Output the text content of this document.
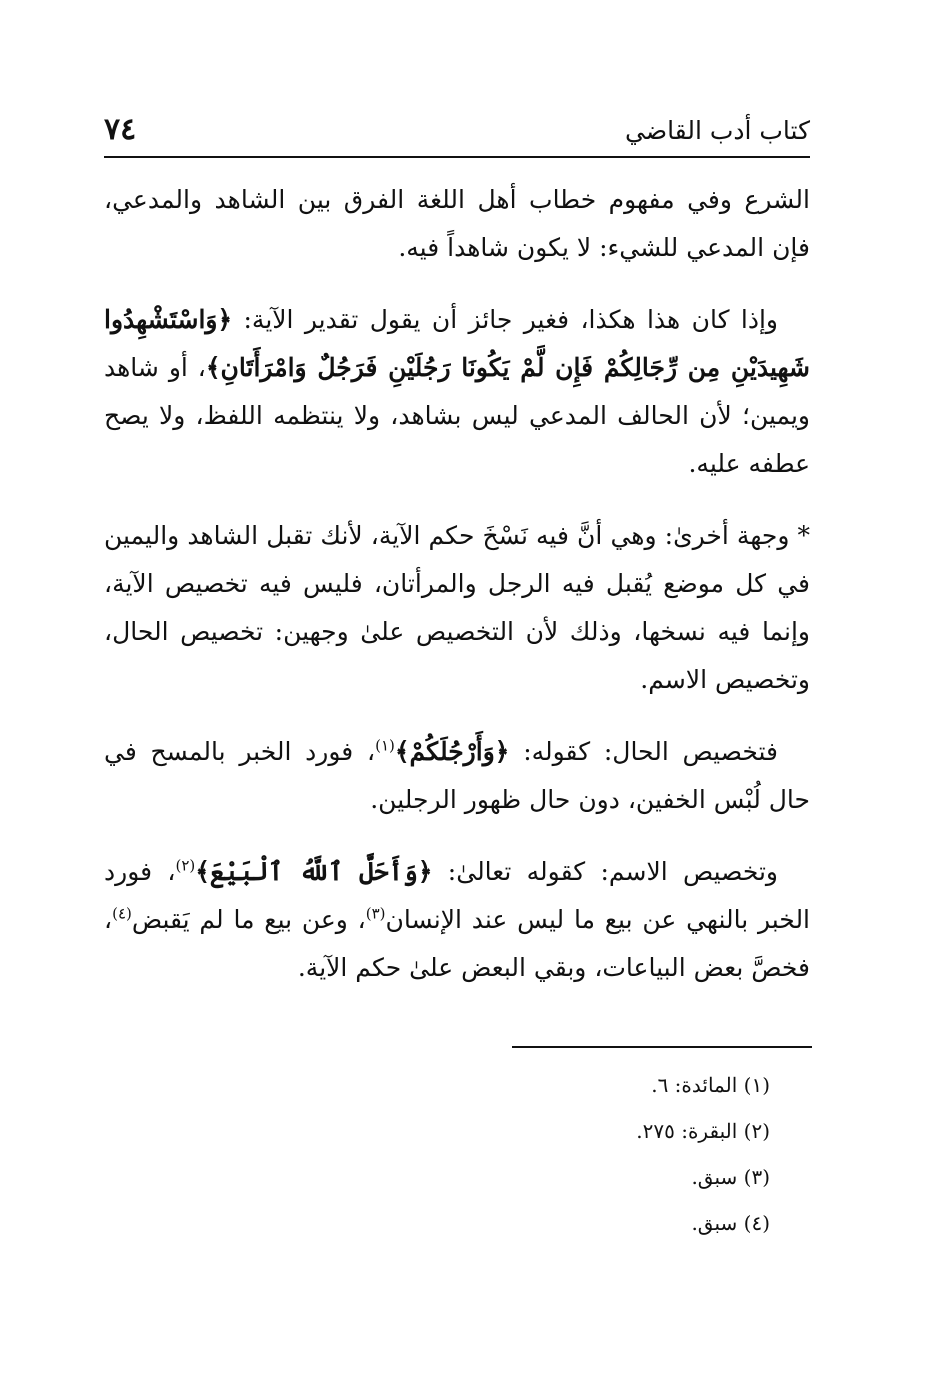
٧٤	كتاب أدب القاضي

الشرع وفي مفهوم خطاب أهل اللغة الفرق بين الشاهد والمدعي، فإن المدعي للشيء: لا يكون شاهداً فيه.

وإذا كان هذا هكذا، فغير جائز أن يقول تقدير الآية: ﴿وَاسْتَشْهِدُوا شَهِيدَيْنِ مِن رِّجَالِكُمْ فَإِن لَّمْ يَكُونَا رَجُلَيْنِ فَرَجُلٌ وَامْرَأَتَانِ﴾، أو شاهد ويمين؛ لأن الحالف المدعي ليس بشاهد، ولا ينتظمه اللفظ، ولا يصح عطفه عليه.

* وجهة أخرىٰ: وهي أنَّ فيه نَسْخَ حكم الآية، لأنك تقبل الشاهد واليمين في كل موضع يُقبل فيه الرجل والمرأتان، فليس فيه تخصيص الآية، وإنما فيه نسخها، وذلك لأن التخصيص علىٰ وجهين: تخصيص الحال، وتخصيص الاسم.

فتخصيص الحال: كقوله: ﴿وَأَرْجُلَكُمْ﴾$^{(١)}$، فورد الخبر بالمسح في حال لُبْس الخفين، دون حال ظهور الرجلين.

وتخصيص الاسم: كقوله تعالىٰ: ﴿وَأَحَلَّ ٱللَّهُ ٱلْبَيْعَ﴾$^{(٢)}$، فورد الخبر بالنهي عن بيع ما ليس عند الإنسان$^{(٣)}$، وعن بيع ما لم يَقبض$^{(٤)}$، فخصَّ بعض البياعات، وبقي البعض علىٰ حكم الآية.

(١) المائدة: ٦.
(٢) البقرة: ٢٧٥.
(٣) سبق.
(٤) سبق.
